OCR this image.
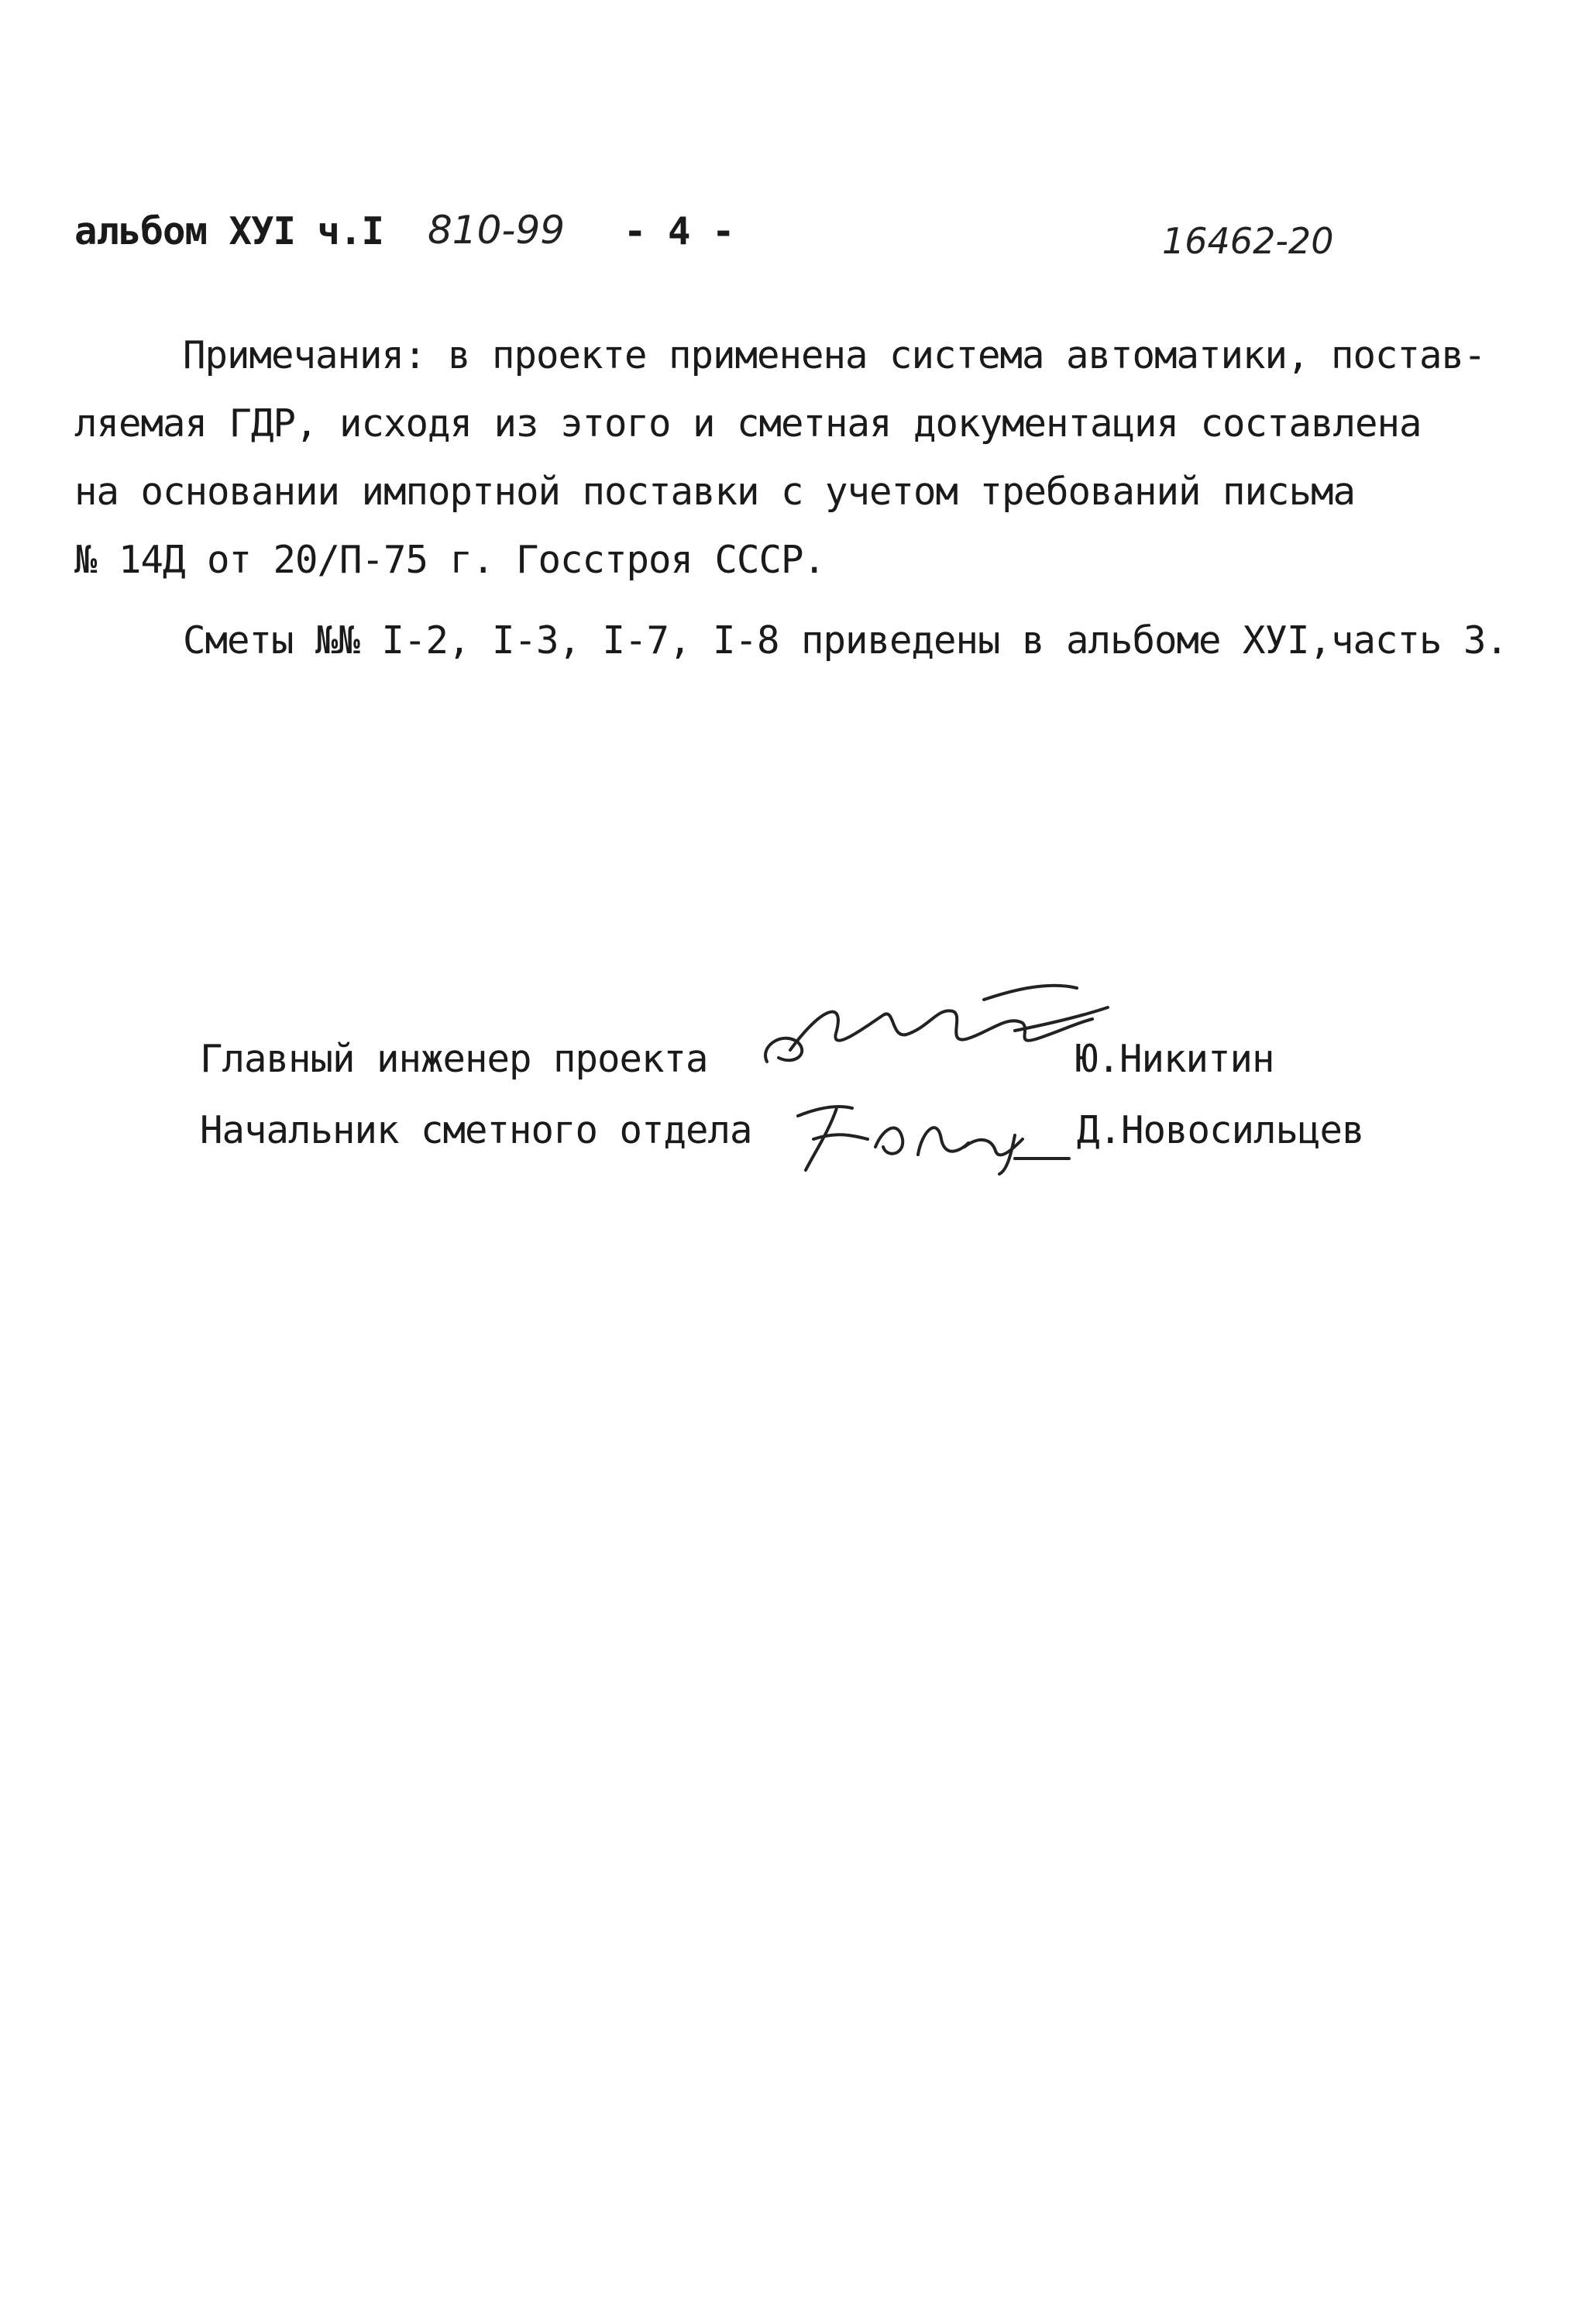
альбом XУI ч.I 810-99 - 4 -	16462-20
Примечания: в проекте применена система автоматики, постав-
ляемая ГДР, исходя из этого и сметная документация составлена
на основании импортной поставки с учетом требований письма
№ 14Д от 20/П-75 г. Госстроя СССР.
Сметы №№ I-2, I-3, I-7, I-8 приведены в альбоме XУI,часть 3.
Главный инженер проекта	Ю.Никитин
Начальник сметного отдела	Д.Новосильцев
